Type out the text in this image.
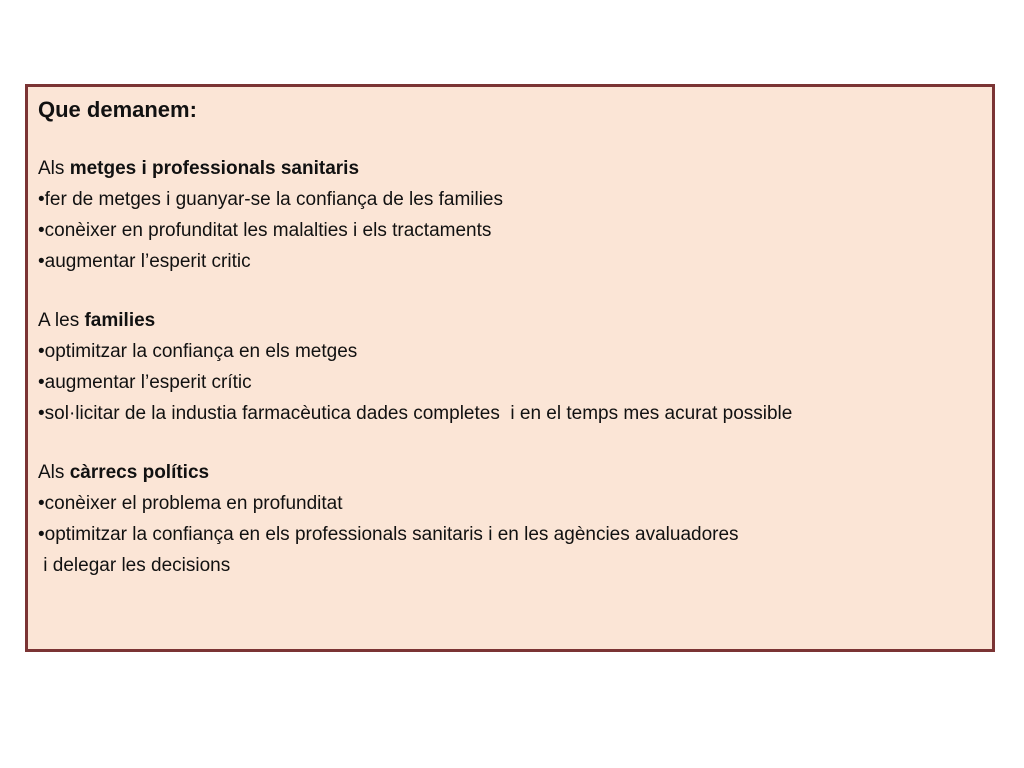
Que demanem:

Als metges i professionals sanitaris

•fer de metges i guanyar-se la confiança de les families

•conèixer en profunditat les malalties i els tractaments

•augmentar l’esperit critic

A les families

•optimitzar la confiança en els metges

•augmentar l’esperit crític

•sol·licitar de la industia farmacèutica dades completes  i en el temps mes acurat possible

Als càrrecs polítics

•conèixer el problema en profunditat

•optimitzar la confiança en els professionals sanitaris i en les agències avaluadores

i delegar les decisions
